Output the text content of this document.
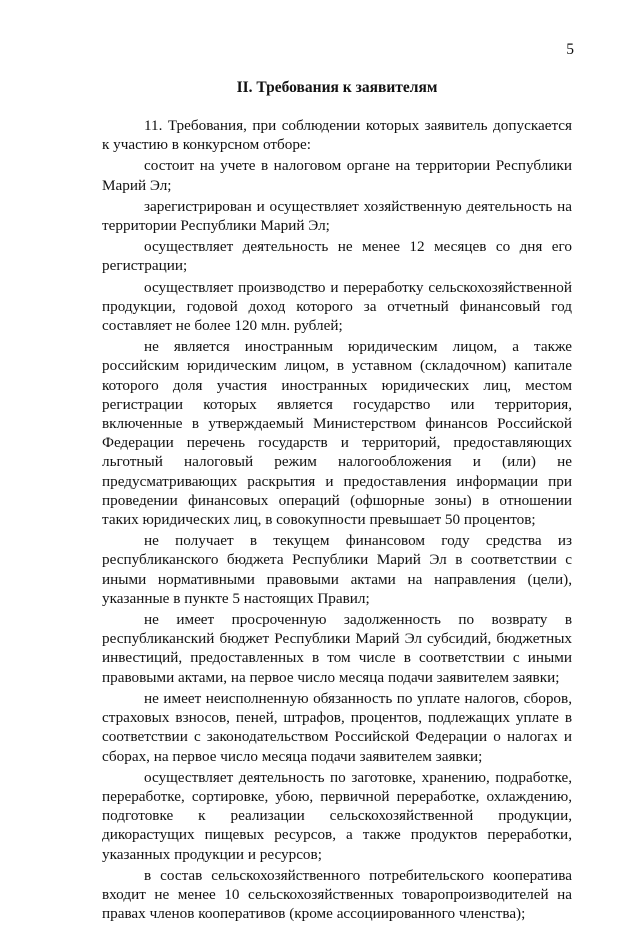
5
II. Требования к заявителям

11. Требования, при соблюдении которых заявитель допускается к участию в конкурсном отборе:

состоит на учете в налоговом органе на территории Республики Марий Эл;

зарегистрирован и осуществляет хозяйственную деятельность на территории Республики Марий Эл;

осуществляет деятельность не менее 12 месяцев со дня его регистрации;

осуществляет производство и переработку сельскохозяйственной продукции, годовой доход которого за отчетный финансовый год составляет не более 120 млн. рублей;

не является иностранным юридическим лицом, а также российским юридическим лицом, в уставном (складочном) капитале которого доля участия иностранных юридических лиц, местом регистрации которых является государство или территория, включенные в утверждаемый Министерством финансов Российской Федерации перечень государств и территорий, предоставляющих льготный налоговый режим налогообложения и (или) не предусматривающих раскрытия и предоставления информации при проведении финансовых операций (офшорные зоны) в отношении таких юридических лиц, в совокупности превышает 50 процентов;

не получает в текущем финансовом году средства из республиканского бюджета Республики Марий Эл в соответствии с иными нормативными правовыми актами на направления (цели), указанные в пункте 5 настоящих Правил;

не имеет просроченную задолженность по возврату в республиканский бюджет Республики Марий Эл субсидий, бюджетных инвестиций, предоставленных в том числе в соответствии с иными правовыми актами, на первое число месяца подачи заявителем заявки;

не имеет неисполненную обязанность по уплате налогов, сборов, страховых взносов, пеней, штрафов, процентов, подлежащих уплате в соответствии с законодательством Российской Федерации о налогах и сборах, на первое число месяца подачи заявителем заявки;

осуществляет деятельность по заготовке, хранению, подработке, переработке, сортировке, убою, первичной переработке, охлаждению, подготовке к реализации сельскохозяйственной продукции, дикорастущих пищевых ресурсов, а также продуктов переработки, указанных продукции и ресурсов;

в состав сельскохозяйственного потребительского кооператива входит не менее 10 сельскохозяйственных товаропроизводителей на правах членов кооперативов (кроме ассоциированного членства);
